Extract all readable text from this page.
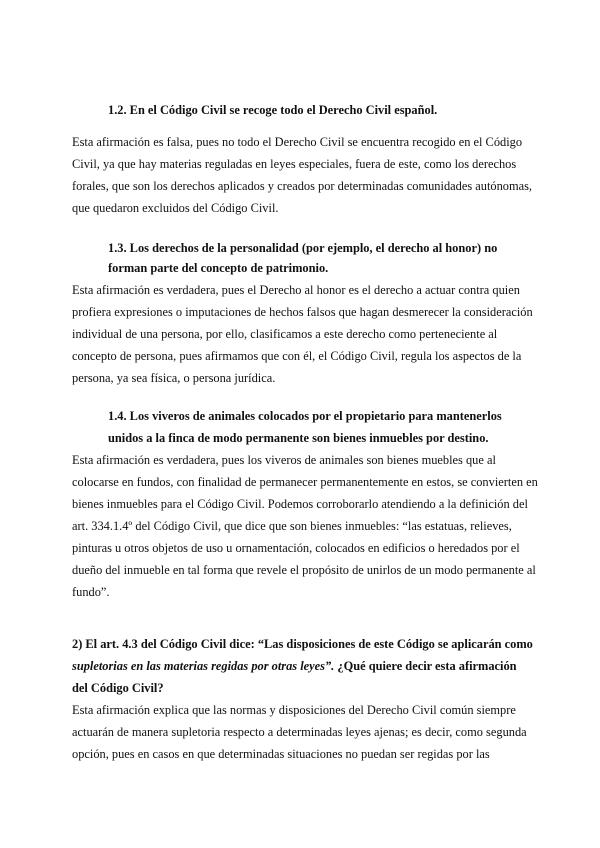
1.2. En el Código Civil se recoge todo el Derecho Civil español.
Esta afirmación es falsa, pues no todo el Derecho Civil se encuentra recogido en el Código
Civil, ya que hay materias reguladas en leyes especiales, fuera de este, como los derechos
forales, que son los derechos aplicados y creados por determinadas comunidades autónomas,
que quedaron excluidos del Código Civil.
1.3. Los derechos de la personalidad (por ejemplo, el derecho al honor) no
forman parte del concepto de patrimonio.
Esta afirmación es verdadera, pues el Derecho al honor es el derecho a actuar contra quien
profiera expresiones o imputaciones de hechos falsos que hagan desmerecer la consideración
individual de una persona, por ello, clasificamos a este derecho como perteneciente al
concepto de persona, pues afirmamos que con él, el Código Civil, regula los aspectos de la
persona, ya sea física, o persona jurídica.
1.4. Los viveros de animales colocados por el propietario para mantenerlos
unidos a la finca de modo permanente son bienes inmuebles por destino.
Esta afirmación es verdadera, pues los viveros de animales son bienes muebles que al
colocarse en fundos, con finalidad de permanecer permanentemente en estos, se convierten en
bienes inmuebles para el Código Civil. Podemos corroborarlo atendiendo a la definición del
art. 334.1.4º del Código Civil, que dice que son bienes inmuebles: “las estatuas, relieves,
pinturas u otros objetos de uso u ornamentación, colocados en edificios o heredados por el
dueño del inmueble en tal forma que revele el propósito de unirlos de un modo permanente al
fundo”.
2) El art. 4.3 del Código Civil dice: “Las disposiciones de este Código se aplicarán como
supletorias en las materias regidas por otras leyes”. ¿Qué quiere decir esta afirmación
del Código Civil?
Esta afirmación explica que las normas y disposiciones del Derecho Civil común siempre
actuarán de manera supletoria respecto a determinadas leyes ajenas; es decir, como segunda
opción, pues en casos en que determinadas situaciones no puedan ser regidas por las
